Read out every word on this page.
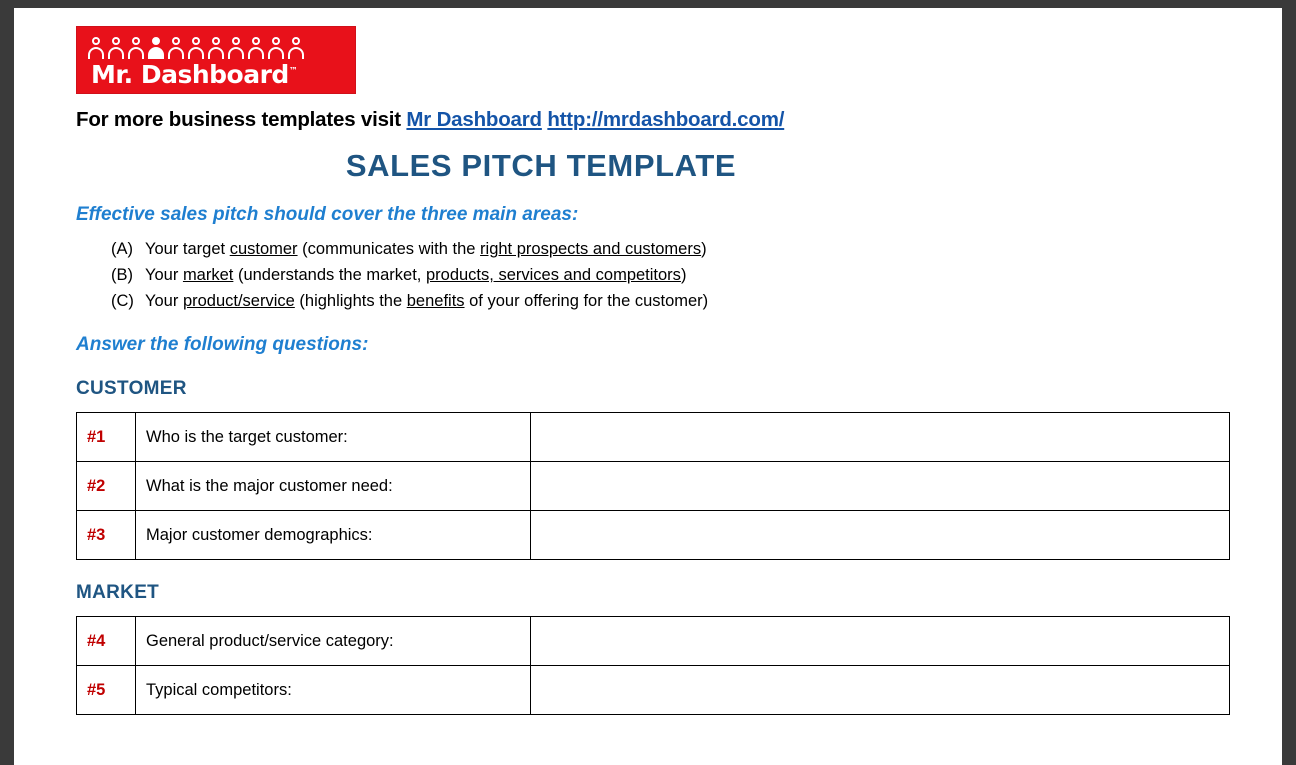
Mr. Dashboard™
For more business templates visit Mr Dashboard http://mrdashboard.com/
SALES PITCH TEMPLATE
Effective sales pitch should cover the three main areas:
(A) Your target customer (communicates with the right prospects and customers)
(B) Your market (understands the market, products, services and competitors)
(C) Your product/service (highlights the benefits of your offering for the customer)
Answer the following questions:
CUSTOMER
#1	Who is the target customer:	
#2	What is the major customer need:	
#3	Major customer demographics:	
MARKET
#4	General product/service category:	
#5	Typical competitors:	
